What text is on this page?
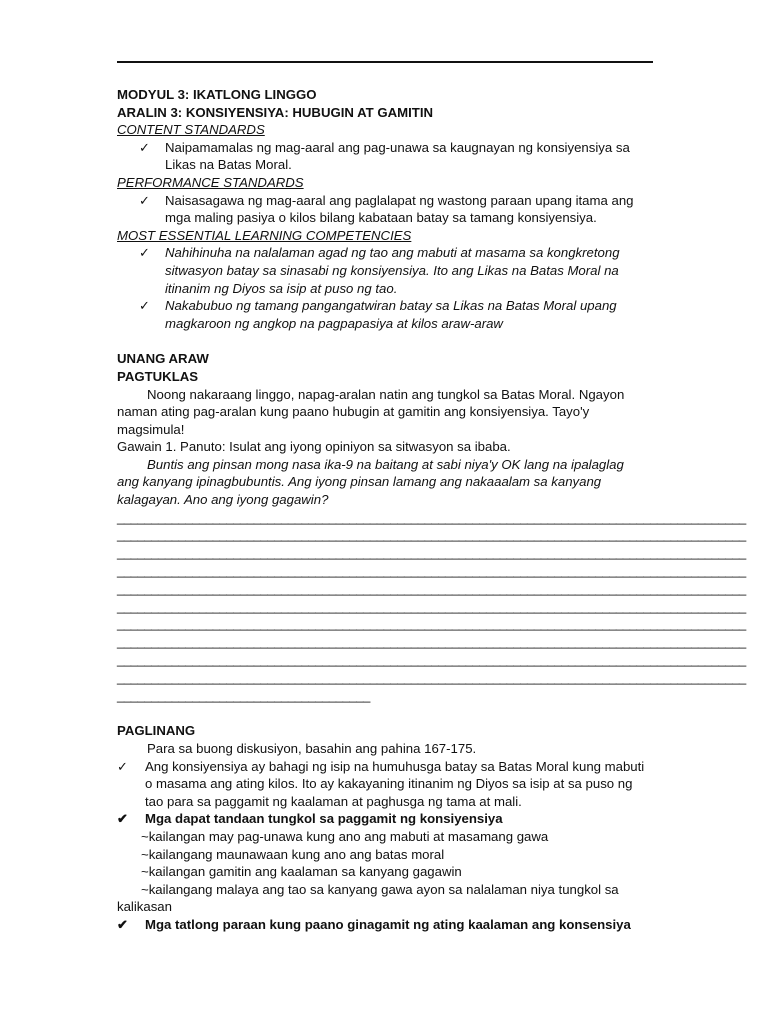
MODYUL 3: IKATLONG LINGGO
ARALIN 3: KONSIYENSIYA: HUBUGIN AT GAMITIN
CONTENT STANDARDS
✓ Naipamamalas ng mag-aaral ang pag-unawa sa kaugnayan ng konsiyensiya sa Likas na Batas Moral.
PERFORMANCE STANDARDS
✓ Naisasagawa ng mag-aaral ang paglalapat ng wastong paraan upang itama ang mga maling pasiya o kilos bilang kabataan batay sa tamang konsiyensiya.
MOST ESSENTIAL LEARNING COMPETENCIES
✓ Nahihinuha na nalalaman agad ng tao ang mabuti at masama sa kongkretong sitwasyon batay sa sinasabi ng konsiyensiya. Ito ang Likas na Batas Moral na itinanim ng Diyos sa isip at puso ng tao.
✓ Nakabubuo ng tamang pangangatwiran batay sa Likas na Batas Moral upang magkaroon ng angkop na pagpapasiya at kilos araw-araw
UNANG ARAW
PAGTUKLAS
Noong nakaraang linggo, napag-aralan natin ang tungkol sa Batas Moral. Ngayon naman ating pag-aralan kung paano hubugin at gamitin ang konsiyensiya. Tayo'y magsimula!
Gawain 1. Panuto: Isulat ang iyong opiniyon sa sitwasyon sa ibaba.
Buntis ang pinsan mong nasa ika-9 na baitang at sabi niya'y OK lang na ipalaglag ang kanyang ipinagbubuntis. Ang iyong pinsan lamang ang nakaaalam sa kanyang kalagayan. Ano ang iyong gagawin?

____________________________________________________________________________________________

____________________________________________________________________________________________

____________________________________________________________________________________________

____________________________________________________________________________________________

____________________________________________________________________________________________

____________________________________________________________________________________________

____________________________________________________________________________________________

____________________________________________________________________________________________

____________________________________________________________________________________________

____________________________________________________________________________________________

_____________________________________

PAGLINANG
Para sa buong diskusiyon, basahin ang pahina 167-175.
✓ Ang konsiyensiya ay bahagi ng isip na humuhusga batay sa Batas Moral kung mabuti o masama ang ating kilos. Ito ay kakayaning itinanim ng Diyos sa isip at sa puso ng tao para sa paggamit ng kaalaman at paghusga ng tama at mali.
✔ Mga dapat tandaan tungkol sa paggamit ng konsiyensiya
~kailangan may pag-unawa kung ano ang mabuti at masamang gawa
~kailangang maunawaan kung ano ang batas moral
~kailangan gamitin ang kaalaman sa kanyang gagawin
~kailangang malaya ang tao sa kanyang gawa ayon sa nalalaman niya tungkol sa kalikasan
✔ Mga tatlong paraan kung paano ginagamit ng ating kaalaman ang konsensiya
